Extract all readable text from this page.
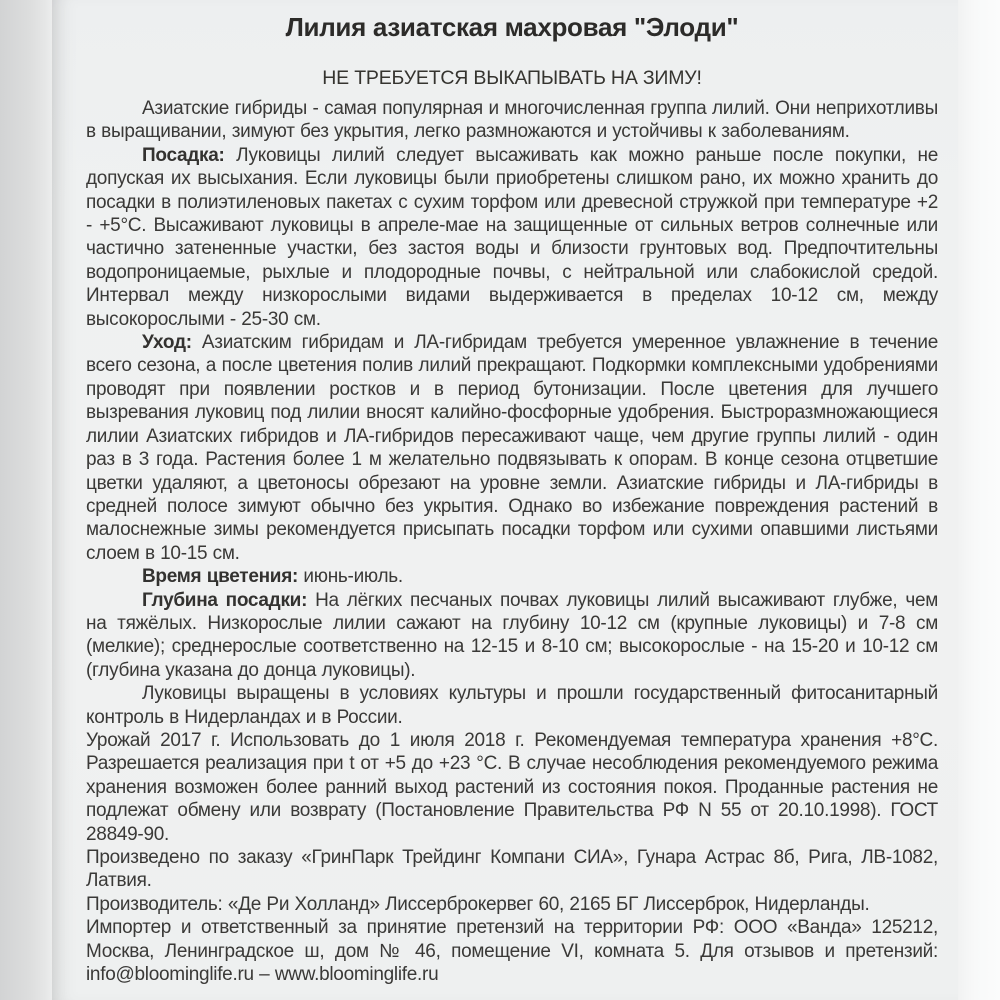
Лилия азиатская махровая "Элоди"
НЕ ТРЕБУЕТСЯ ВЫКАПЫВАТЬ НА ЗИМУ!

Азиатские гибриды - самая популярная и многочисленная группа лилий. Они неприхотливы в выращивании, зимуют без укрытия, легко размножаются и устойчивы к заболеваниям.

Посадка: Луковицы лилий следует высаживать как можно раньше после покупки, не допуская их высыхания. Если луковицы были приобретены слишком рано, их можно хранить до посадки в полиэтиленовых пакетах с сухим торфом или древесной стружкой при температуре +2 - +5°С. Высаживают луковицы в апреле-мае на защищенные от сильных ветров солнечные или частично затененные участки, без застоя воды и близости грунтовых вод. Предпочтительны водопроницаемые, рыхлые и плодородные почвы, с нейтральной или слабокислой средой. Интервал между низкорослыми видами выдерживается в пределах 10-12 см, между высокорослыми - 25-30 см.

Уход: Азиатским гибридам и ЛА-гибридам требуется умеренное увлажнение в течение всего сезона, а после цветения полив лилий прекращают. Подкормки комплексными удобрениями проводят при появлении ростков и в период бутонизации. После цветения для лучшего вызревания луковиц под лилии вносят калийно-фосфорные удобрения. Быстроразмножающиеся лилии Азиатских гибридов и ЛА-гибридов пересаживают чаще, чем другие группы лилий - один раз в 3 года. Растения более 1 м желательно подвязывать к опорам. В конце сезона отцветшие цветки удаляют, а цветоносы обрезают на уровне земли. Азиатские гибриды и ЛА-гибриды в средней полосе зимуют обычно без укрытия. Однако во избежание повреждения растений в малоснежные зимы рекомендуется присыпать посадки торфом или сухими опавшими листьями слоем в 10-15 см.

Время цветения: июнь-июль.

Глубина посадки: На лёгких песчаных почвах луковицы лилий высаживают глубже, чем на тяжёлых. Низкорослые лилии сажают на глубину 10-12 см (крупные луковицы) и 7-8 см (мелкие); среднерослые соответственно на 12-15 и 8-10 см; высокорослые - на 15-20 и 10-12 см (глубина указана до донца луковицы).

Луковицы выращены в условиях культуры и прошли государственный фитосанитарный контроль в Нидерландах и в России.

Урожай 2017 г. Использовать до 1 июля 2018 г. Рекомендуемая температура хранения +8°С. Разрешается реализация при t от +5 до +23 °С. В случае несоблюдения рекомендуемого режима хранения возможен более ранний выход растений из состояния покоя. Проданные растения не подлежат обмену или возврату (Постановление Правительства РФ N 55 от 20.10.1998). ГОСТ 28849-90.

Произведено по заказу «ГринПарк Трейдинг Компани СИА», Гунара Астрас 8б, Рига, ЛВ-1082, Латвия.

Производитель: «Де Ри Холланд» Лиссерброкервег 60, 2165 БГ Лиссерброк, Нидерланды.

Импортер и ответственный за принятие претензий на территории РФ: ООО «Ванда» 125212, Москва, Ленинградское ш, дом № 46, помещение VI, комната 5. Для отзывов и претензий: info@bloominglife.ru – www.bloominglife.ru
